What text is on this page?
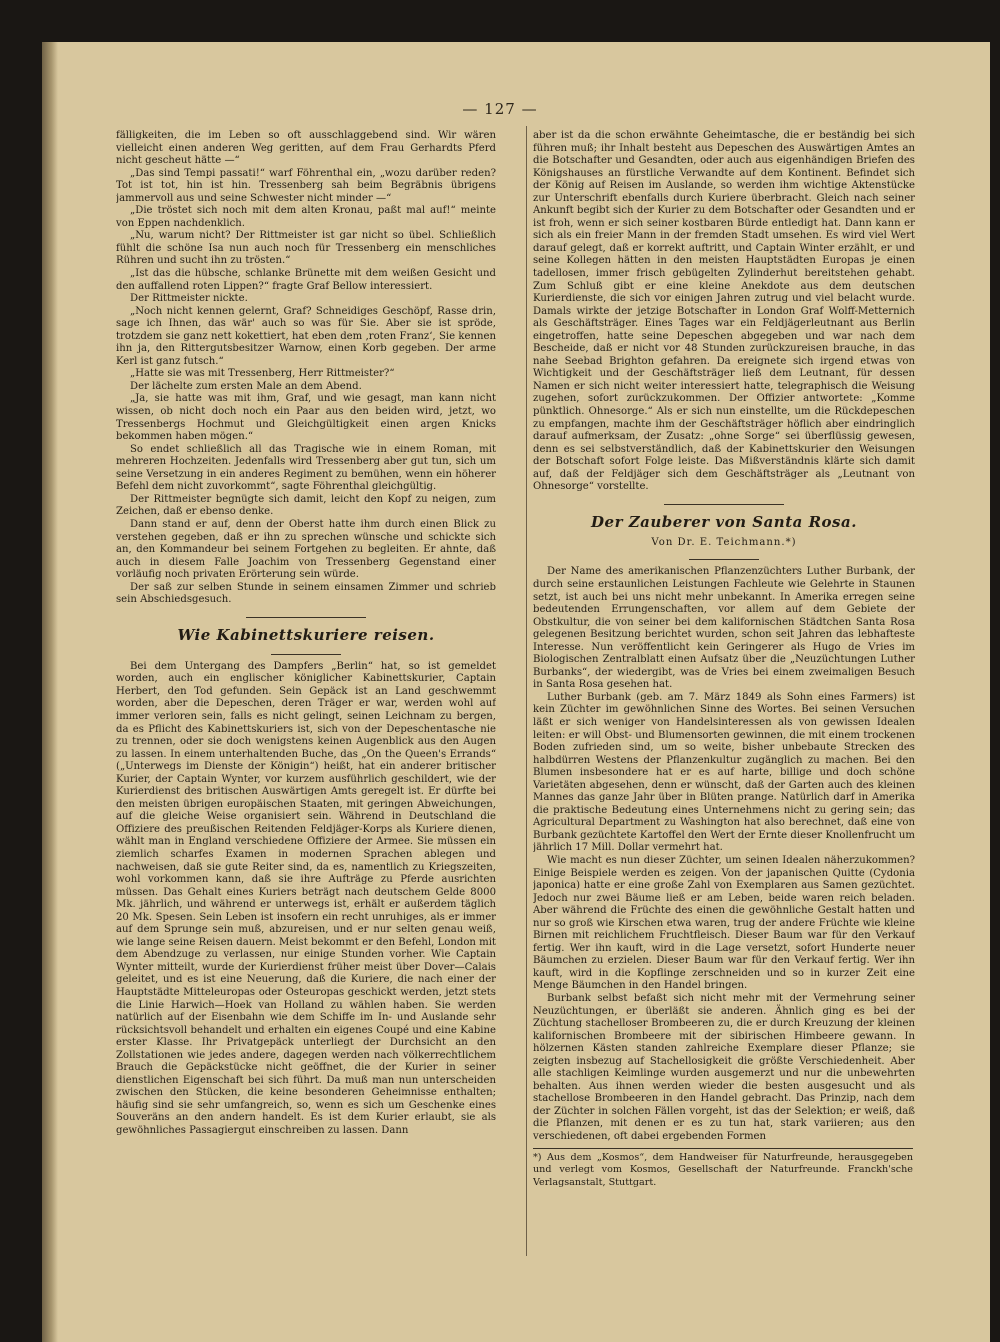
— 127 —

fälligkeiten, die im Leben so oft ausschlaggebend sind. Wir wären vielleicht einen anderen Weg geritten, auf dem Frau Gerhardts Pferd nicht gescheut hätte —“

„Das sind Tempi passati!“ warf Föhrenthal ein, „wozu darüber reden? Tot ist tot, hin ist hin. Tressenberg sah beim Begräbnis übrigens jammervoll aus und seine Schwester nicht minder —“

„Die tröstet sich noch mit dem alten Kronau, paßt mal auf!“ meinte von Eppen nachdenklich.

„Nu, warum nicht? Der Rittmeister ist gar nicht so übel. Schließlich fühlt die schöne Isa nun auch noch für Tressenberg ein menschliches Rühren und sucht ihn zu trösten.“

„Ist das die hübsche, schlanke Brünette mit dem weißen Gesicht und den auffallend roten Lippen?“ fragte Graf Bellow interessiert.

Der Rittmeister nickte.

„Noch nicht kennen gelernt, Graf? Schneidiges Geschöpf, Rasse drin, sage ich Ihnen, das wär' auch so was für Sie. Aber sie ist spröde, trotzdem sie ganz nett kokettiert, hat eben dem ‚roten Franz‘, Sie kennen ihn ja, den Rittergutsbesitzer Warnow, einen Korb gegeben. Der arme Kerl ist ganz futsch.“

„Hatte sie was mit Tressenberg, Herr Rittmeister?“

Der lächelte zum ersten Male an dem Abend.

„Ja, sie hatte was mit ihm, Graf, und wie gesagt, man kann nicht wissen, ob nicht doch noch ein Paar aus den beiden wird, jetzt, wo Tressenbergs Hochmut und Gleichgültigkeit einen argen Knicks bekommen haben mögen.“

So endet schließlich all das Tragische wie in einem Roman, mit mehreren Hochzeiten. Jedenfalls wird Tressenberg aber gut tun, sich um seine Versetzung in ein anderes Regiment zu bemühen, wenn ein höherer Befehl dem nicht zuvorkommt“, sagte Föhrenthal gleichgültig.

Der Rittmeister begnügte sich damit, leicht den Kopf zu neigen, zum Zeichen, daß er ebenso denke.

Dann stand er auf, denn der Oberst hatte ihm durch einen Blick zu verstehen gegeben, daß er ihn zu sprechen wünsche und schickte sich an, den Kommandeur bei seinem Fortgehen zu begleiten. Er ahnte, daß auch in diesem Falle Joachim von Tressenberg Gegenstand einer vorläufig noch privaten Erörterung sein würde.

Der saß zur selben Stunde in seinem einsamen Zimmer und schrieb sein Abschiedsgesuch.

Wie Kabinettskuriere reisen.

Bei dem Untergang des Dampfers „Berlin“ hat, so ist gemeldet worden, auch ein englischer königlicher Kabinettskurier, Captain Herbert, den Tod gefunden. Sein Gepäck ist an Land geschwemmt worden, aber die Depeschen, deren Träger er war, werden wohl auf immer verloren sein, falls es nicht gelingt, seinen Leichnam zu bergen, da es Pflicht des Kabinettskuriers ist, sich von der Depeschentasche nie zu trennen, oder sie doch wenigstens keinen Augenblick aus den Augen zu lassen. In einem unterhaltenden Buche, das „On the Queen's Errands“ („Unterwegs im Dienste der Königin“) heißt, hat ein anderer britischer Kurier, der Captain Wynter, vor kurzem ausführlich geschildert, wie der Kurierdienst des britischen Auswärtigen Amts geregelt ist. Er dürfte bei den meisten übrigen europäischen Staaten, mit geringen Abweichungen, auf die gleiche Weise organisiert sein. Während in Deutschland die Offiziere des preußischen Reitenden Feldjäger-Korps als Kuriere dienen, wählt man in England verschiedene Offiziere der Armee. Sie müssen ein ziemlich scharfes Examen in modernen Sprachen ablegen und nachweisen, daß sie gute Reiter sind, da es, namentlich zu Kriegszeiten, wohl vorkommen kann, daß sie ihre Aufträge zu Pferde ausrichten müssen. Das Gehalt eines Kuriers beträgt nach deutschem Gelde 8000 Mk. jährlich, und während er unterwegs ist, erhält er außerdem täglich 20 Mk. Spesen. Sein Leben ist insofern ein recht unruhiges, als er immer auf dem Sprunge sein muß, abzureisen, und er nur selten genau weiß, wie lange seine Reisen dauern. Meist bekommt er den Befehl, London mit dem Abendzuge zu verlassen, nur einige Stunden vorher. Wie Captain Wynter mitteilt, wurde der Kurierdienst früher meist über Dover—Calais geleitet, und es ist eine Neuerung, daß die Kuriere, die nach einer der Hauptstädte Mitteleuropas oder Osteuropas geschickt werden, jetzt stets die Linie Harwich—Hoek van Holland zu wählen haben. Sie werden natürlich auf der Eisenbahn wie dem Schiffe im In- und Auslande sehr rücksichtsvoll behandelt und erhalten ein eigenes Coupé und eine Kabine erster Klasse. Ihr Privatgepäck unterliegt der Durchsicht an den Zollstationen wie jedes andere, dagegen werden nach völkerrechtlichem Brauch die Gepäckstücke nicht geöffnet, die der Kurier in seiner dienstlichen Eigenschaft bei sich führt. Da muß man nun unterscheiden zwischen den Stücken, die keine besonderen Geheimnisse enthalten; häufig sind sie sehr umfangreich, so, wenn es sich um Geschenke eines Souveräns an den andern handelt. Es ist dem Kurier erlaubt, sie als gewöhnliches Passagiergut einschreiben zu lassen. Dann

aber ist da die schon erwähnte Geheimtasche, die er beständig bei sich führen muß; ihr Inhalt besteht aus Depeschen des Auswärtigen Amtes an die Botschafter und Gesandten, oder auch aus eigenhändigen Briefen des Königshauses an fürstliche Verwandte auf dem Kontinent. Befindet sich der König auf Reisen im Auslande, so werden ihm wichtige Aktenstücke zur Unterschrift ebenfalls durch Kuriere überbracht. Gleich nach seiner Ankunft begibt sich der Kurier zu dem Botschafter oder Gesandten und er ist froh, wenn er sich seiner kostbaren Bürde entledigt hat. Dann kann er sich als ein freier Mann in der fremden Stadt umsehen. Es wird viel Wert darauf gelegt, daß er korrekt auftritt, und Captain Winter erzählt, er und seine Kollegen hätten in den meisten Hauptstädten Europas je einen tadellosen, immer frisch gebügelten Zylinderhut bereitstehen gehabt. Zum Schluß gibt er eine kleine Anekdote aus dem deutschen Kurierdienste, die sich vor einigen Jahren zutrug und viel belacht wurde. Damals wirkte der jetzige Botschafter in London Graf Wolff-Metternich als Geschäftsträger. Eines Tages war ein Feldjägerleutnant aus Berlin eingetroffen, hatte seine Depeschen abgegeben und war nach dem Bescheide, daß er nicht vor 48 Stunden zurückzureisen brauche, in das nahe Seebad Brighton gefahren. Da ereignete sich irgend etwas von Wichtigkeit und der Geschäftsträger ließ dem Leutnant, für dessen Namen er sich nicht weiter interessiert hatte, telegraphisch die Weisung zugehen, sofort zurückzukommen. Der Offizier antwortete: „Komme pünktlich. Ohnesorge.“ Als er sich nun einstellte, um die Rückdepeschen zu empfangen, machte ihm der Geschäftsträger höflich aber eindringlich darauf aufmerksam, der Zusatz: „ohne Sorge“ sei überflüssig gewesen, denn es sei selbstverständlich, daß der Kabinettskurier den Weisungen der Botschaft sofort Folge leiste. Das Mißverständnis klärte sich damit auf, daß der Feldjäger sich dem Geschäftsträger als „Leutnant von Ohnesorge“ vorstellte.

Der Zauberer von Santa Rosa.
Von Dr. E. Teichmann.*)

Der Name des amerikanischen Pflanzenzüchters Luther Burbank, der durch seine erstaunlichen Leistungen Fachleute wie Gelehrte in Staunen setzt, ist auch bei uns nicht mehr unbekannt. In Amerika erregen seine bedeutenden Errungenschaften, vor allem auf dem Gebiete der Obstkultur, die von seiner bei dem kalifornischen Städtchen Santa Rosa gelegenen Besitzung berichtet wurden, schon seit Jahren das lebhafteste Interesse. Nun veröffentlicht kein Geringerer als Hugo de Vries im Biologischen Zentralblatt einen Aufsatz über die „Neuzüchtungen Luther Burbanks“, der wiedergibt, was de Vries bei einem zweimaligen Besuch in Santa Rosa gesehen hat.

Luther Burbank (geb. am 7. März 1849 als Sohn eines Farmers) ist kein Züchter im gewöhnlichen Sinne des Wortes. Bei seinen Versuchen läßt er sich weniger von Handelsinteressen als von gewissen Idealen leiten: er will Obst- und Blumensorten gewinnen, die mit einem trockenen Boden zufrieden sind, um so weite, bisher unbebaute Strecken des halbdürren Westens der Pflanzenkultur zugänglich zu machen. Bei den Blumen insbesondere hat er es auf harte, billige und doch schöne Varietäten abgesehen, denn er wünscht, daß der Garten auch des kleinen Mannes das ganze Jahr über in Blüten prange. Natürlich darf in Amerika die praktische Bedeutung eines Unternehmens nicht zu gering sein; das Agricultural Department zu Washington hat also berechnet, daß eine von Burbank gezüchtete Kartoffel den Wert der Ernte dieser Knollenfrucht um jährlich 17 Mill. Dollar vermehrt hat.

Wie macht es nun dieser Züchter, um seinen Idealen näherzukommen? Einige Beispiele werden es zeigen. Von der japanischen Quitte (Cydonia japonica) hatte er eine große Zahl von Exemplaren aus Samen gezüchtet. Jedoch nur zwei Bäume ließ er am Leben, beide waren reich beladen. Aber während die Früchte des einen die gewöhnliche Gestalt hatten und nur so groß wie Kirschen etwa waren, trug der andere Früchte wie kleine Birnen mit reichlichem Fruchtfleisch. Dieser Baum war für den Verkauf fertig. Wer ihn kauft, wird in die Lage versetzt, sofort Hunderte neuer Bäumchen zu erzielen. Dieser Baum war für den Verkauf fertig. Wer ihn kauft, wird in die Kopflinge zerschneiden und so in kurzer Zeit eine Menge Bäumchen in den Handel bringen.

Burbank selbst befaßt sich nicht mehr mit der Vermehrung seiner Neuzüchtungen, er überläßt sie anderen. Ähnlich ging es bei der Züchtung stachelloser Brombeeren zu, die er durch Kreuzung der kleinen kalifornischen Brombeere mit der sibirischen Himbeere gewann. In hölzernen Kästen standen zahlreiche Exemplare dieser Pflanze; sie zeigten insbezug auf Stachellosigkeit die größte Verschiedenheit. Aber alle stachligen Keimlinge wurden ausgemerzt und nur die unbewehrten behalten. Aus ihnen werden wieder die besten ausgesucht und als stachellose Brombeeren in den Handel gebracht. Das Prinzip, nach dem der Züchter in solchen Fällen vorgeht, ist das der Selektion; er weiß, daß die Pflanzen, mit denen er es zu tun hat, stark variieren; aus den verschiedenen, oft dabei ergebenden Formen

*) Aus dem „Kosmos“, dem Handweiser für Naturfreunde, herausgegeben und verlegt vom Kosmos, Gesellschaft der Naturfreunde. Franckh'sche Verlagsanstalt, Stuttgart.
